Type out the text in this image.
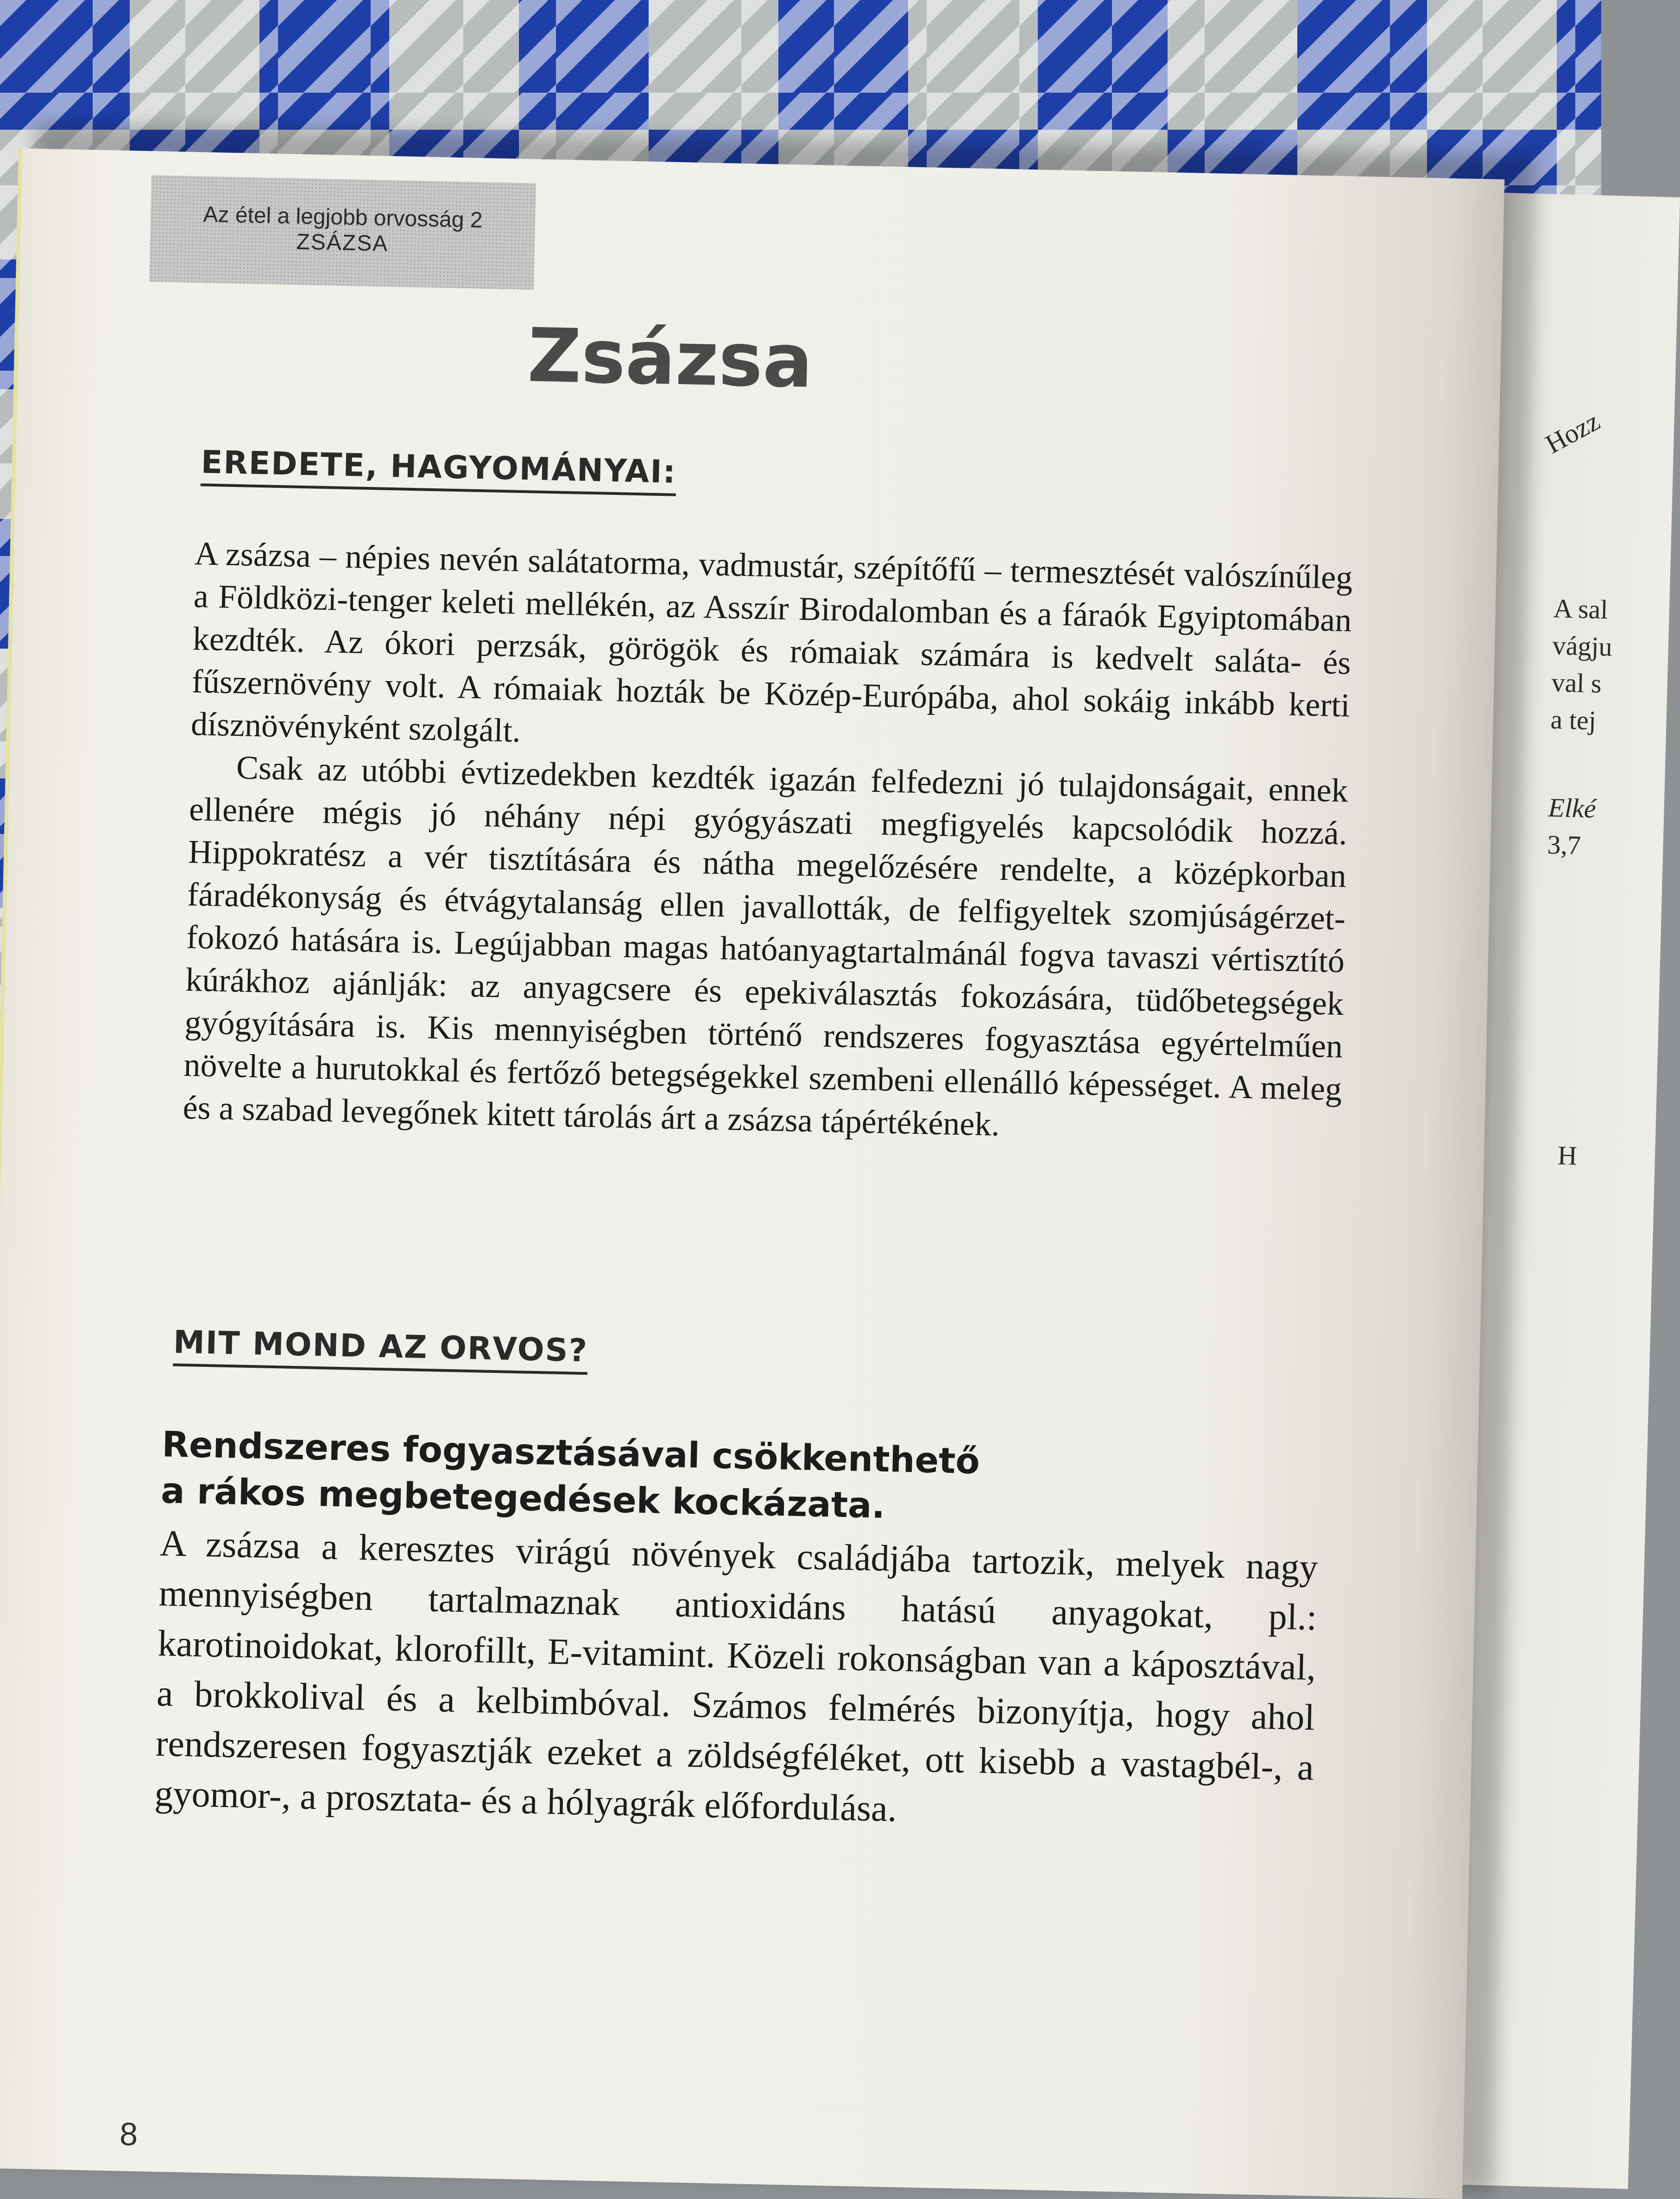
Hozz
A sal
vágju
val s
a tej
Elké
3,7
H
Az étel a legjobb orvosság 2
ZSÁZSA
Zsázsa
EREDETE, HAGYOMÁNYAI:

A zsázsa – népies nevén salátatorma, vadmustár, szépítőfű – termesztését valószínűleg a Földközi-tenger keleti mellékén, az Asszír Birodalomban és a fáraók Egyiptomában kezdték. Az ókori perzsák, görögök és rómaiak számára is kedvelt saláta- és fűszernövény volt. A rómaiak hozták be Közép-Európába, ahol sokáig inkább kerti dísznövényként szolgált.

Csak az utóbbi évtizedekben kezdték igazán felfedezni jó tulajdonságait, ennek ellenére mégis jó néhány népi gyógyászati megfigyelés kapcsolódik hozzá. Hippokratész a vér tisztítására és nátha megelőzésére rendelte, a középkorban fáradékonyság és étvágytalanság ellen javallották, de felfigyeltek szomjúságérzet-fokozó hatására is. Legújabban magas hatóanyagtartalmánál fogva tavaszi vértisztító kúrákhoz ajánlják: az anyagcsere és epekiválasztás fokozására, tüdőbetegségek gyógyítására is. Kis mennyiségben történő rendszeres fogyasztása egyértelműen növelte a hurutokkal és fertőző betegségekkel szembeni ellenálló képességet. A meleg és a szabad levegőnek kitett tárolás árt a zsázsa tápértékének.

MIT MOND AZ ORVOS?
Rendszeres fogyasztásával csökkenthető
a rákos megbetegedések kockázata.

A zsázsa a keresztes virágú növények családjába tartozik, melyek nagy mennyiségben tartalmaznak antioxidáns hatású anyagokat, pl.: karotinoidokat, klorofillt, E-vitamint. Közeli rokonságban van a káposztával, a brokkolival és a kelbimbóval. Számos felmérés bizonyítja, hogy ahol rendszeresen fogyasztják ezeket a zöldségféléket, ott kisebb a vastagbél-, a gyomor-, a prosztata- és a hólyagrák előfordulása.

8
